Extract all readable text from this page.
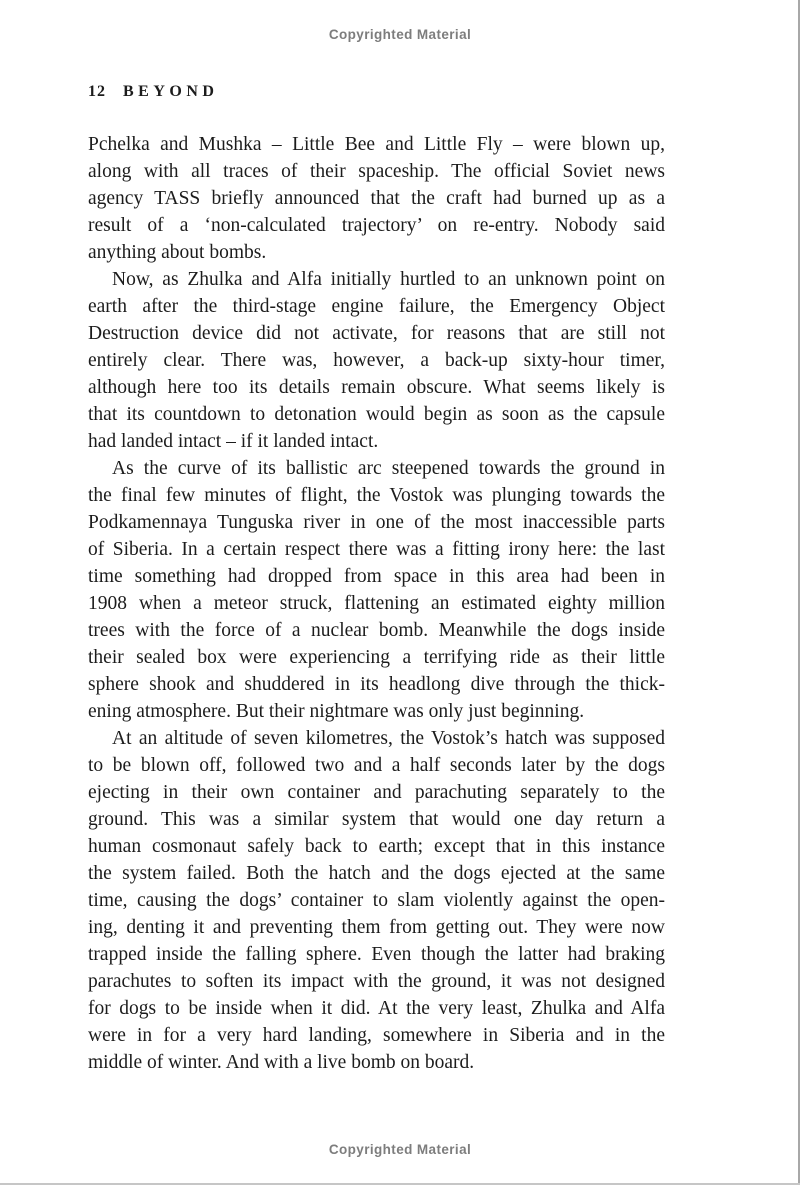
Copyrighted Material
12 BEYOND
Pchelka and Mushka – Little Bee and Little Fly – were blown up,
along with all traces of their spaceship. The official Soviet news
agency TASS briefly announced that the craft had burned up as a
result of a ‘non-calculated trajectory’ on re-entry. Nobody said
anything about bombs.
Now, as Zhulka and Alfa initially hurtled to an unknown point on
earth after the third-stage engine failure, the Emergency Object
Destruction device did not activate, for reasons that are still not
entirely clear. There was, however, a back-up sixty-hour timer,
although here too its details remain obscure. What seems likely is
that its countdown to detonation would begin as soon as the capsule
had landed intact – if it landed intact.
As the curve of its ballistic arc steepened towards the ground in
the final few minutes of flight, the Vostok was plunging towards the
Podkamennaya Tunguska river in one of the most inaccessible parts
of Siberia. In a certain respect there was a fitting irony here: the last
time something had dropped from space in this area had been in
1908 when a meteor struck, flattening an estimated eighty million
trees with the force of a nuclear bomb. Meanwhile the dogs inside
their sealed box were experiencing a terrifying ride as their little
sphere shook and shuddered in its headlong dive through the thick-
ening atmosphere. But their nightmare was only just beginning.
At an altitude of seven kilometres, the Vostok’s hatch was supposed
to be blown off, followed two and a half seconds later by the dogs
ejecting in their own container and parachuting separately to the
ground. This was a similar system that would one day return a
human cosmonaut safely back to earth; except that in this instance
the system failed. Both the hatch and the dogs ejected at the same
time, causing the dogs’ container to slam violently against the open-
ing, denting it and preventing them from getting out. They were now
trapped inside the falling sphere. Even though the latter had braking
parachutes to soften its impact with the ground, it was not designed
for dogs to be inside when it did. At the very least, Zhulka and Alfa
were in for a very hard landing, somewhere in Siberia and in the
middle of winter. And with a live bomb on board.
Copyrighted Material
